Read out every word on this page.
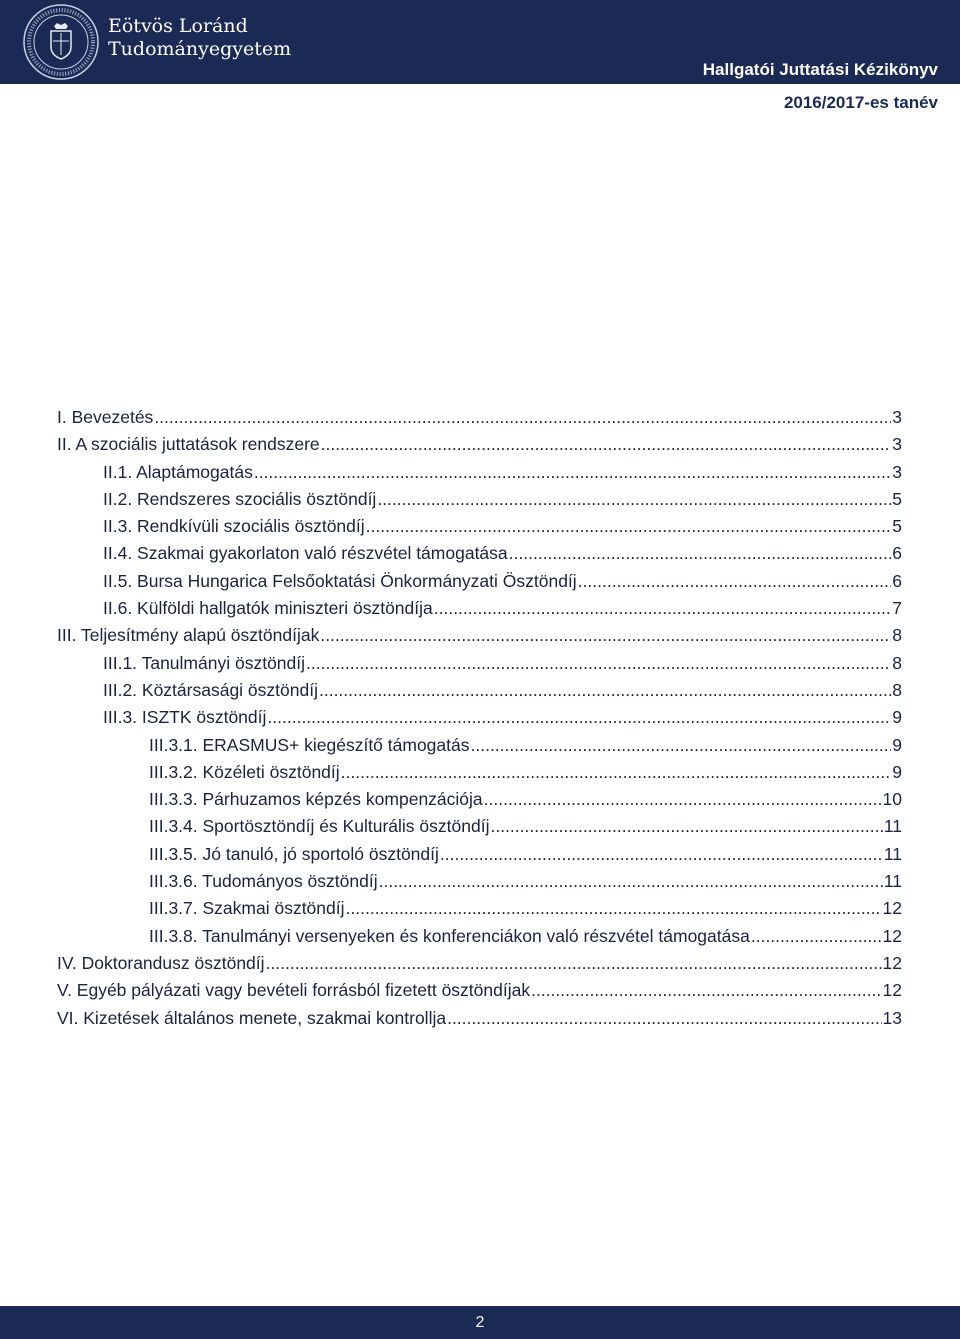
Eötvös Loránd
Tudományegyetem
Hallgatói Juttatási Kézikönyv
2016/2017-es tanév
I. Bevezetés .....	3
II. A szociális juttatások rendszere .....	3
II.1. Alaptámogatás .....	3
II.2. Rendszeres szociális ösztöndíj .....	5
II.3. Rendkívüli szociális ösztöndíj .....	5
II.4. Szakmai gyakorlaton való részvétel támogatása .....	6
II.5. Bursa Hungarica Felsőoktatási Önkormányzati Ösztöndíj .....	6
II.6. Külföldi hallgatók miniszteri ösztöndíja .....	7
III. Teljesítmény alapú ösztöndíjak .....	8
III.1. Tanulmányi ösztöndíj .....	8
III.2. Köztársasági ösztöndíj .....	8
III.3. ISZTK ösztöndíj .....	9
III.3.1. ERASMUS+ kiegészítő támogatás .....	9
III.3.2. Közéleti ösztöndíj .....	9
III.3.3. Párhuzamos képzés kompenzációja .....	10
III.3.4. Sportösztöndíj és Kulturális ösztöndíj .....	11
III.3.5. Jó tanuló, jó sportoló ösztöndíj .....	11
III.3.6. Tudományos ösztöndíj .....	11
III.3.7. Szakmai ösztöndíj .....	12
III.3.8. Tanulmányi versenyeken és konferenciákon való részvétel támogatása .....	12
IV. Doktorandusz ösztöndíj .....	12
V. Egyéb pályázati vagy bevételi forrásból fizetett ösztöndíjak .....	12
VI. Kizetések általános menete, szakmai kontrollja .....	13
2
